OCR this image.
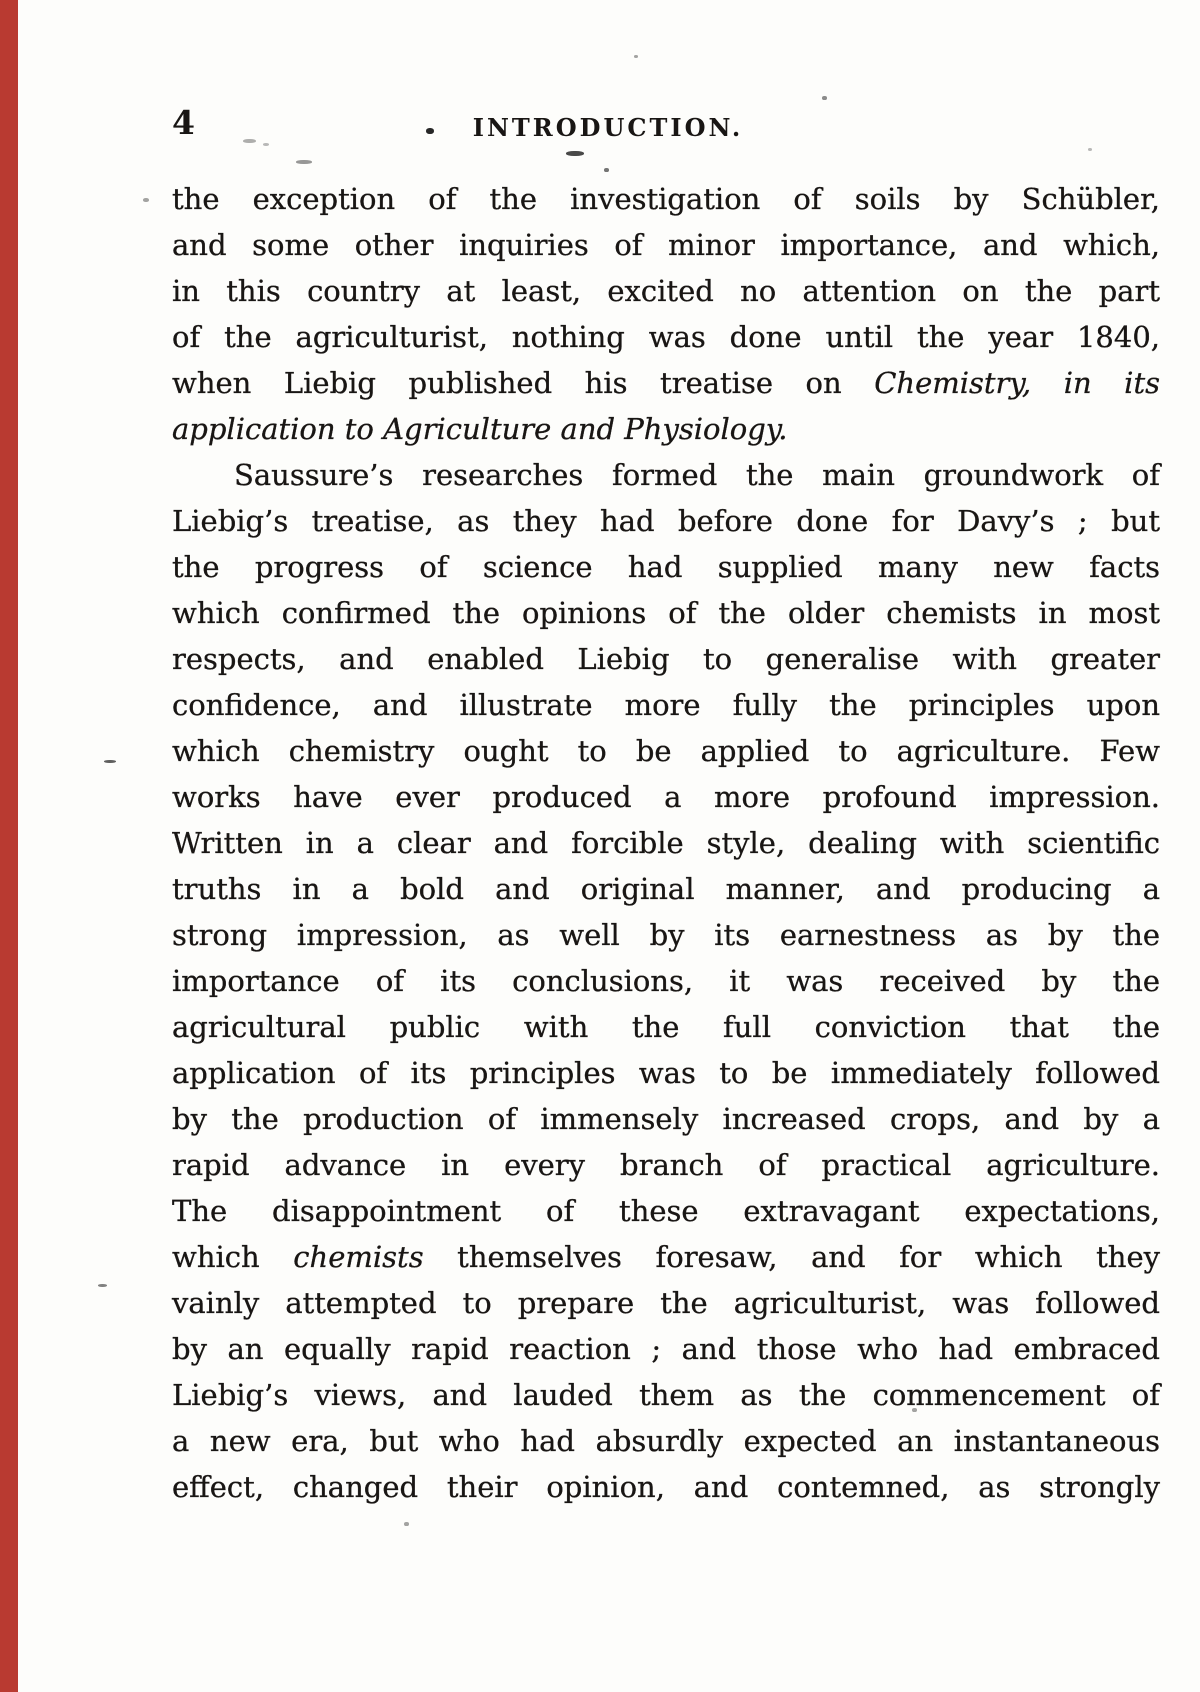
4	INTRODUCTION.
the exception of the investigation of soils by Schübler,
and some other inquiries of minor importance, and which,
in this country at least, excited no attention on the part
of the agriculturist, nothing was done until the year 1840,
when Liebig published his treatise on Chemistry, in its
application to Agriculture and Physiology.
Saussure’s researches formed the main groundwork of
Liebig’s treatise, as they had before done for Davy’s ; but
the progress of science had supplied many new facts
which confirmed the opinions of the older chemists in most
respects, and enabled Liebig to generalise with greater
confidence, and illustrate more fully the principles upon
which chemistry ought to be applied to agriculture. Few
works have ever produced a more profound impression.
Written in a clear and forcible style, dealing with scientific
truths in a bold and original manner, and producing a
strong impression, as well by its earnestness as by the
importance of its conclusions, it was received by the
agricultural public with the full conviction that the
application of its principles was to be immediately followed
by the production of immensely increased crops, and by a
rapid advance in every branch of practical agriculture.
The disappointment of these extravagant expectations,
which chemists themselves foresaw, and for which they
vainly attempted to prepare the agriculturist, was followed
by an equally rapid reaction ; and those who had embraced
Liebig’s views, and lauded them as the commencement of
a new era, but who had absurdly expected an instantaneous
effect, changed their opinion, and contemned, as strongly
